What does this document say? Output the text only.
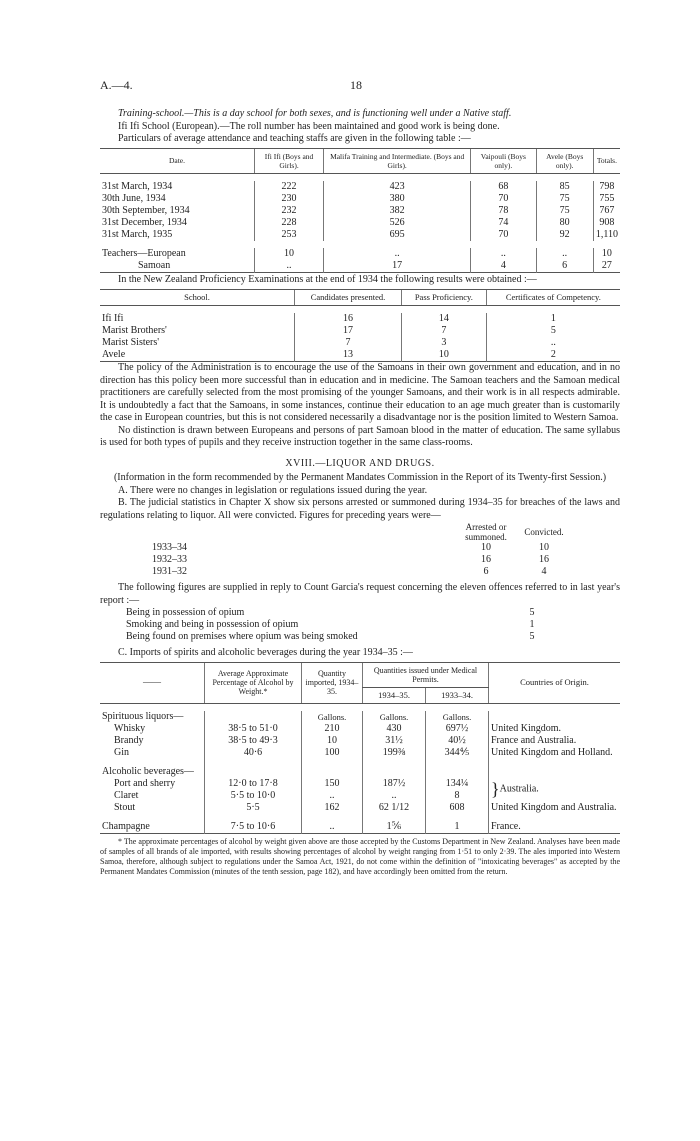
A.—4.	18

Training-school.—This is a day school for both sexes, and is functioning well under a Native staff.

Ifi Ifi School (European).—The roll number has been maintained and good work is being done.

Particulars of average attendance and teaching staffs are given in the following table :—

Date.	Ifi Ifi (Boys and Girls).	Malifa Training and Intermediate. (Boys and Girls).	Vaipouli (Boys only).	Avele (Boys only).	Totals.

31st March, 1934	222	423	68	85	798
30th June, 1934	230	380	70	75	755
30th September, 1934	232	382	78	75	767
31st December, 1934	228	526	74	80	908
31st March, 1935	253	695	70	92	1,110

Teachers—European	10	..	..	..	10
Samoan	..	17	4	6	27

In the New Zealand Proficiency Examinations at the end of 1934 the following results were obtained :—

School.	Candidates presented.	Pass Proficiency.	Certificates of Competency.

Ifi Ifi	16	14	1
Marist Brothers'	17	7	5
Marist Sisters'	7	3	..
Avele	13	10	2

The policy of the Administration is to encourage the use of the Samoans in their own government and education, and in no direction has this policy been more successful than in education and in medicine. The Samoan teachers and the Samoan medical practitioners are carefully selected from the most promising of the younger Samoans, and their work is in all respects admirable. It is undoubtedly a fact that the Samoans, in some instances, continue their education to an age much greater than is customarily the case in European countries, but this is not considered necessarily a disadvantage nor is the position limited to Western Samoa.

No distinction is drawn between Europeans and persons of part Samoan blood in the matter of education. The same syllabus is used for both types of pupils and they receive instruction together in the same class-rooms.

XVIII.—LIQUOR AND DRUGS.

(Information in the form recommended by the Permanent Mandates Commission in the Report of its Twenty-first Session.)

A. There were no changes in legislation or regulations issued during the year.

B. The judicial statistics in Chapter X show six persons arrested or summoned during 1934–35 for breaches of the laws and regulations relating to liquor. All were convicted. Figures for preceding years were—

	Arrested or summoned.	Convicted.
1933–34	10	10
1932–33	16	16
1931–32	6	4

The following figures are supplied in reply to Count Garcia's request concerning the eleven offences referred to in last year's report :—

Being in possession of opium	5
Smoking and being in possession of opium	1
Being found on premises where opium was being smoked	5

C. Imports of spirits and alcoholic beverages during the year 1934–35 :—

——	Average Approximate Percentage of Alcohol by Weight.*	Quantity imported, 1934–35.	Quantities issued under Medical Permits.		Countries of Origin.
			1934–35.	1933–34.	

Spirituous liquors—		Gallons.	Gallons.	Gallons.	
Whisky	38·5 to 51·0	210	430	697½	United Kingdom.
Brandy	38·5 to 49·3	10	31½	40½	France and Australia.
Gin	40·6	100	199⅜	344⅘	United Kingdom and Holland.

Alcoholic beverages—					
Port and sherry	12·0 to 17·8	150	187½	134¼	}Australia.
Claret	5·5 to 10·0	..	..	8	
Stout	5·5	162	62 1/12	608	United Kingdom and Australia.

Champagne	7·5 to 10·6	..	1⅚	1	France.

* The approximate percentages of alcohol by weight given above are those accepted by the Customs Department in New Zealand. Analyses have been made of samples of all brands of ale imported, with results showing percentages of alcohol by weight ranging from 1·51 to only 2·39. The ales imported into Western Samoa, therefore, although subject to regulations under the Samoa Act, 1921, do not come within the definition of "intoxicating beverages" as accepted by the Permanent Mandates Commission (minutes of the tenth session, page 182), and have accordingly been omitted from the return.
